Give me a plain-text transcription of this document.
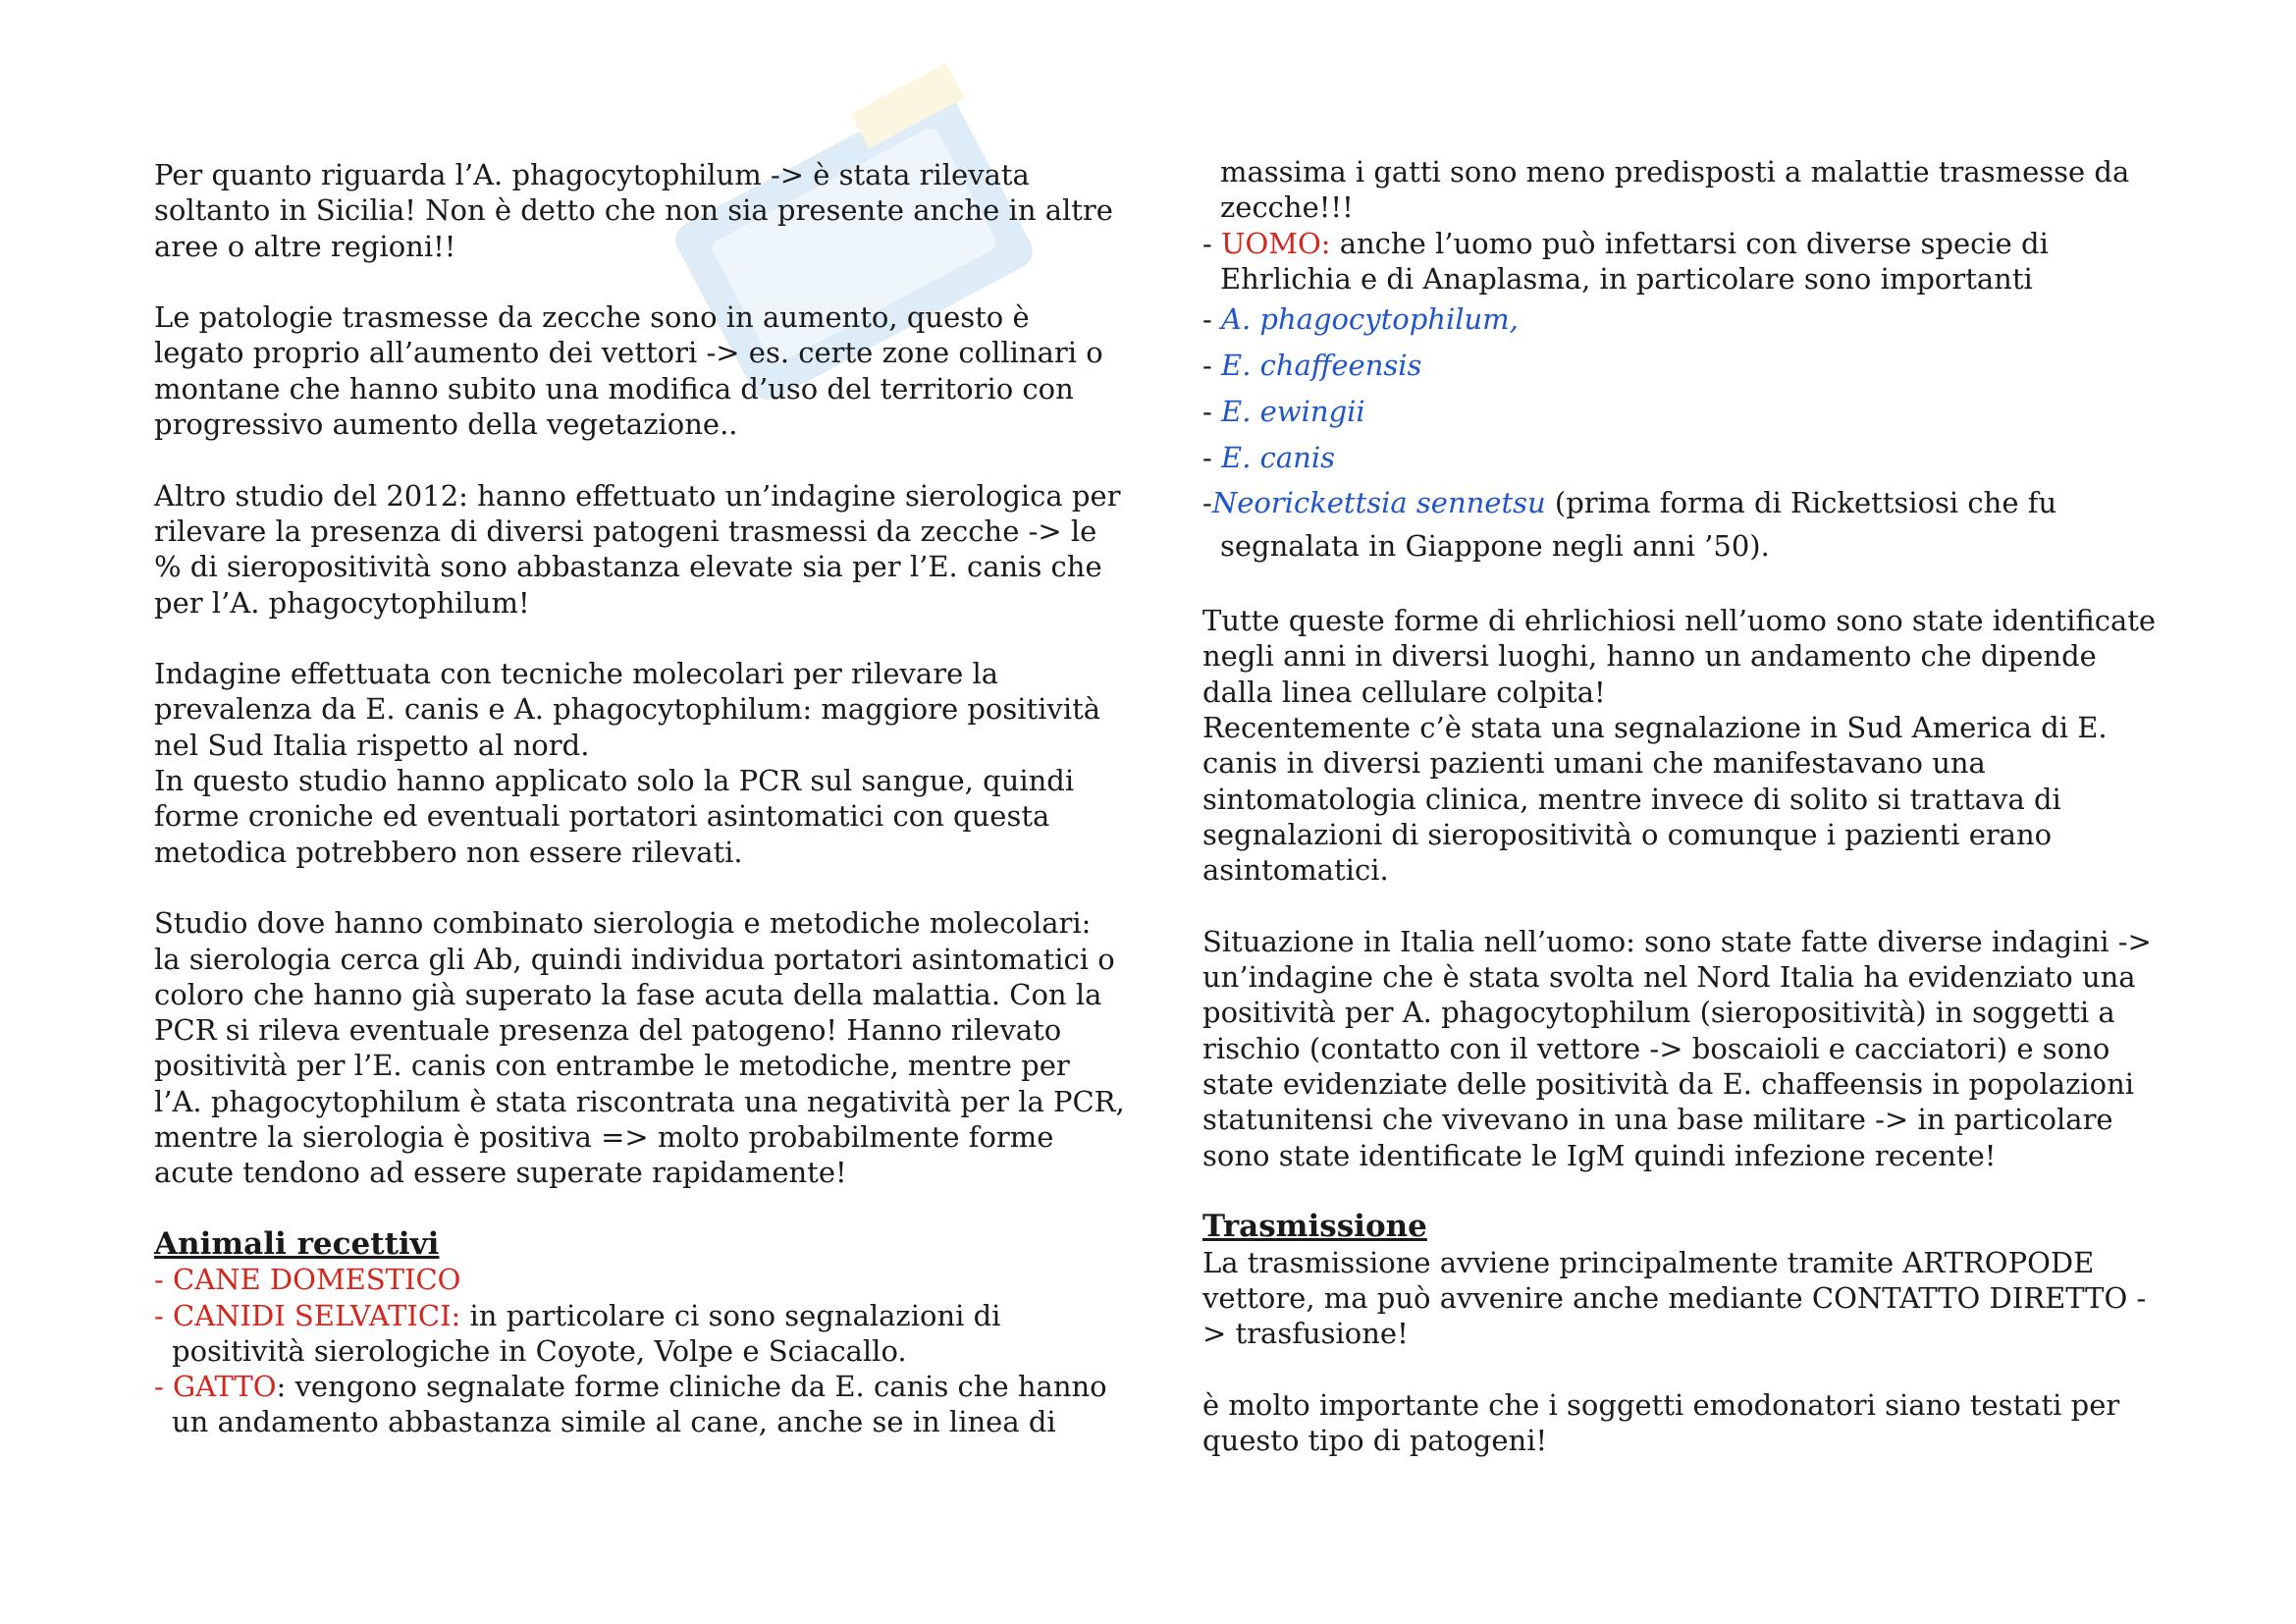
Per quanto riguarda l’A. phagocytophilum -> è stata rilevata soltanto in Sicilia! Non è detto che non sia presente anche in altre aree o altre regioni!!

Le patologie trasmesse da zecche sono in aumento, questo è legato proprio all’aumento dei vettori -> es. certe zone collinari o montane che hanno subito una modifica d’uso del territorio con progressivo aumento della vegetazione..

Altro studio del 2012: hanno effettuato un’indagine sierologica per rilevare la presenza di diversi patogeni trasmessi da zecche -> le % di sieropositività sono abbastanza elevate sia per l’E. canis che per l’A. phagocytophilum!

Indagine effettuata con tecniche molecolari per rilevare la prevalenza da E. canis e A. phagocytophilum: maggiore positività nel Sud Italia rispetto al nord.

In questo studio hanno applicato solo la PCR sul sangue, quindi forme croniche ed eventuali portatori asintomatici con questa metodica potrebbero non essere rilevati.

Studio dove hanno combinato sierologia e metodiche molecolari: la sierologia cerca gli Ab, quindi individua portatori asintomatici o coloro che hanno già superato la fase acuta della malattia. Con la PCR si rileva eventuale presenza del patogeno! Hanno rilevato positività per l’E. canis con entrambe le metodiche, mentre per l’A. phagocytophilum è stata riscontrata una negatività per la PCR, mentre la sierologia è positiva => molto probabilmente forme acute tendono ad essere superate rapidamente!

Animali recettivi
- CANE DOMESTICO
- CANIDI SELVATICI: in particolare ci sono segnalazioni di positività sierologiche in Coyote, Volpe e Sciacallo.
- GATTO: vengono segnalate forme cliniche da E. canis che hanno un andamento abbastanza simile al cane, anche se in linea di
massima i gatti sono meno predisposti a malattie trasmesse da zecche!!!
- UOMO: anche l’uomo può infettarsi con diverse specie di Ehrlichia e di Anaplasma, in particolare sono importanti
- A. phagocytophilum,
- E. chaffeensis
- E. ewingii
- E. canis
-Neorickettsia sennetsu (prima forma di Rickettsiosi che fu segnalata in Giappone negli anni ’50).

Tutte queste forme di ehrlichiosi nell’uomo sono state identificate negli anni in diversi luoghi, hanno un andamento che dipende dalla linea cellulare colpita!

Recentemente c’è stata una segnalazione in Sud America di E. canis in diversi pazienti umani che manifestavano una sintomatologia clinica, mentre invece di solito si trattava di segnalazioni di sieropositività o comunque i pazienti erano asintomatici.

Situazione in Italia nell’uomo: sono state fatte diverse indagini -> un’indagine che è stata svolta nel Nord Italia ha evidenziato una positività per A. phagocytophilum (sieropositività) in soggetti a rischio (contatto con il vettore -> boscaioli e cacciatori) e sono state evidenziate delle positività da E. chaffeensis in popolazioni statunitensi che vivevano in una base militare -> in particolare sono state identificate le IgM quindi infezione recente!

Trasmissione

La trasmissione avviene principalmente tramite ARTROPODE vettore, ma può avvenire anche mediante CONTATTO DIRETTO -> trasfusione!

è molto importante che i soggetti emodonatori siano testati per questo tipo di patogeni!
